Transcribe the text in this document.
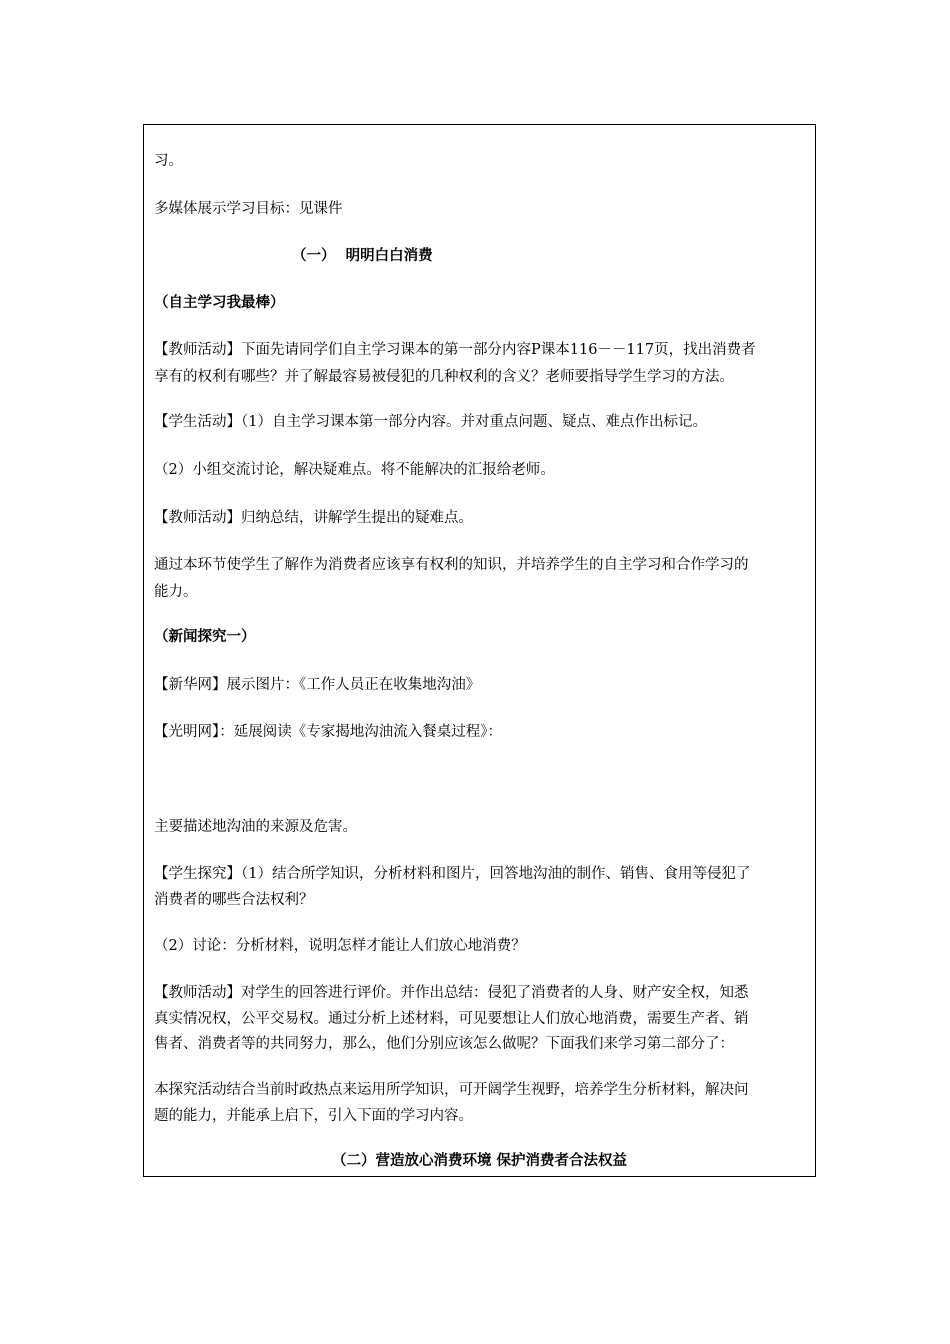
习。
多媒体展示学习目标：见课件
（一）  明明白白消费
（自主学习我最棒）
【教师活动】下面先请同学们自主学习课本的第一部分内容P课本116－－117页，找出消费者
享有的权利有哪些？并了解最容易被侵犯的几种权利的含义？老师要指导学生学习的方法。
【学生活动】（1）自主学习课本第一部分内容。并对重点问题、疑点、难点作出标记。
（2）小组交流讨论，解决疑难点。将不能解决的汇报给老师。
【教师活动】归纳总结，讲解学生提出的疑难点。
通过本环节使学生了解作为消费者应该享有权利的知识，并培养学生的自主学习和合作学习的
能力。
（新闻探究一）
【新华网】展示图片：《工作人员正在收集地沟油》
【光明网】：延展阅读《专家揭地沟油流入餐桌过程》：
主要描述地沟油的来源及危害。
【学生探究】（1）结合所学知识，分析材料和图片，回答地沟油的制作、销售、食用等侵犯了
消费者的哪些合法权利？
（2）讨论：分析材料，说明怎样才能让人们放心地消费？
【教师活动】对学生的回答进行评价。并作出总结：侵犯了消费者的人身、财产安全权，知悉
真实情况权，公平交易权。通过分析上述材料，可见要想让人们放心地消费，需要生产者、销
售者、消费者等的共同努力，那么，他们分别应该怎么做呢？下面我们来学习第二部分了：
本探究活动结合当前时政热点来运用所学知识，可开阔学生视野，培养学生分析材料，解决问
题的能力，并能承上启下，引入下面的学习内容。
（二）营造放心消费环境 保护消费者合法权益
